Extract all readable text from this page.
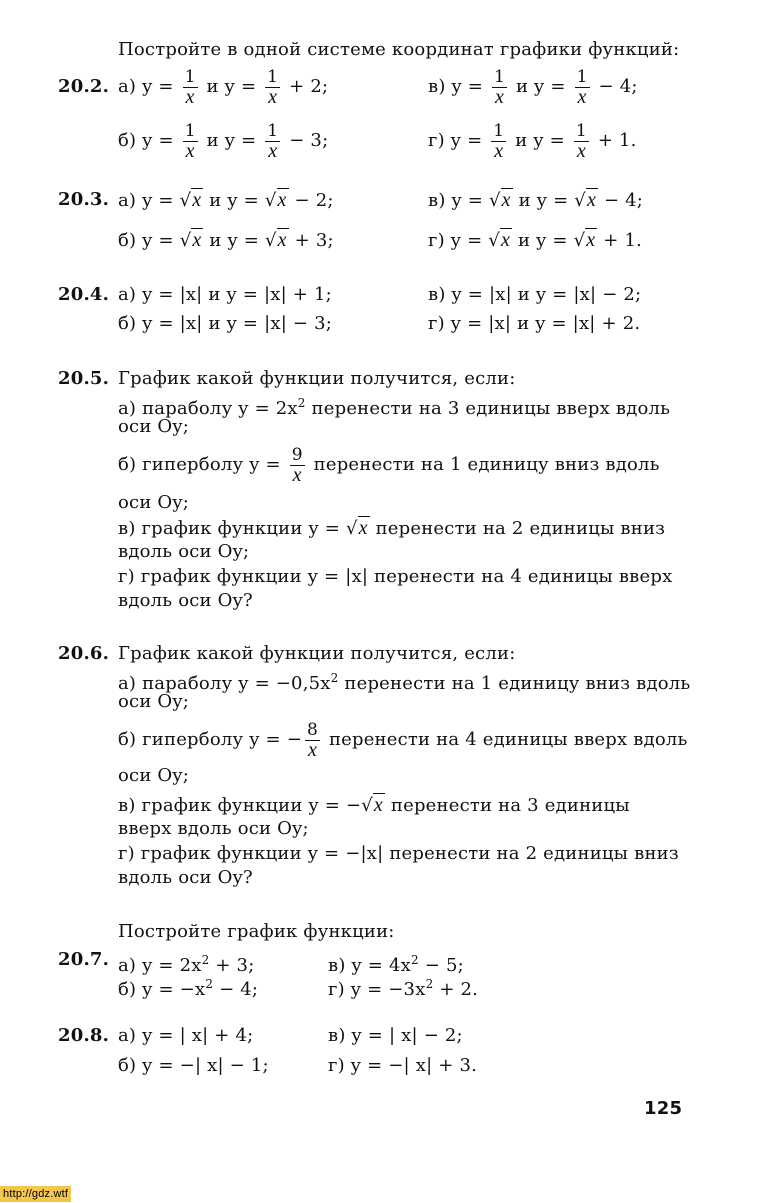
Постройте в одной системе координат графики функций:
20.2. а) $y = \frac{1}{x}$ и $y = \frac{1}{x} + 2$;	в) $y = \frac{1}{x}$ и $y = \frac{1}{x} - 4$;
б) $y = \frac{1}{x}$ и $y = \frac{1}{x} - 3$;	г) $y = \frac{1}{x}$ и $y = \frac{1}{x} + 1$.
20.3. а) y = √x и y = √x − 2;	в) y = √x и y = √x − 4;
б) y = √x и y = √x + 3;	г) y = √x и y = √x + 1.
20.4. а) y = |x| и y = |x| + 1;	в) y = |x| и y = |x| − 2;
б) y = |x| и y = |x| − 3;	г) y = |x| и y = |x| + 2.
20.5. График какой функции получится, если:
а) параболу $y = 2x^2$ перенести на 3 единицы вверх вдоль
оси Oy;
б) гиперболу $y = \frac{9}{x}$ перенести на 1 единицу вниз вдоль
оси Oy;
в) график функции y = √x перенести на 2 единицы вниз
вдоль оси Oy;
г) график функции y = |x| перенести на 4 единицы вверх
вдоль оси Oy?
20.6. График какой функции получится, если:
а) параболу $y = -0,5x^2$ перенести на 1 единицу вниз вдоль
оси Oy;
б) гиперболу y = − $\frac{8}{x}$ перенести на 4 единицы вверх вдоль
оси Oy;
в) график функции y = −√x перенести на 3 единицы
вверх вдоль оси Oy;
г) график функции y = −|x| перенести на 2 единицы вниз
вдоль оси Oy?
Постройте график функции:
20.7. а) $y = 2x^2 + 3$;	в) $y = 4x^2 - 5$;
б) $y = -x^2 - 4$;	г) $y = -3x^2 + 2$.
20.8. а) y = | x| + 4;	в) y = | x| − 2;
б) y = −| x| − 1;	г) y = −| x| + 3.
125
http://gdz.wtf
